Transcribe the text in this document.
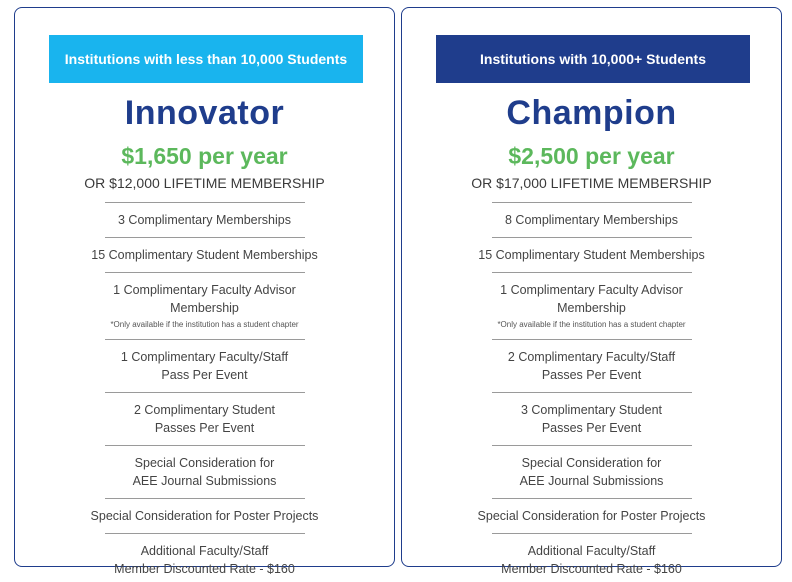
Institutions with less than 10,000 Students
Innovator
$1,650 per year
OR $12,000 LIFETIME MEMBERSHIP
3 Complimentary Memberships
15 Complimentary Student Memberships
1 Complimentary Faculty Advisor
Membership
*Only available if the institution has a student chapter
1 Complimentary Faculty/Staff
Pass Per Event
2 Complimentary Student
Passes Per Event
Special Consideration for
AEE Journal Submissions
Special Consideration for Poster Projects
Additional Faculty/Staff
Member Discounted Rate - $160
Institutions with 10,000+ Students
Champion
$2,500 per year
OR $17,000 LIFETIME MEMBERSHIP
8 Complimentary Memberships
15 Complimentary Student Memberships
1 Complimentary Faculty Advisor
Membership
*Only available if the institution has a student chapter
2 Complimentary Faculty/Staff
Passes Per Event
3 Complimentary Student
Passes Per Event
Special Consideration for
AEE Journal Submissions
Special Consideration for Poster Projects
Additional Faculty/Staff
Member Discounted Rate - $160
